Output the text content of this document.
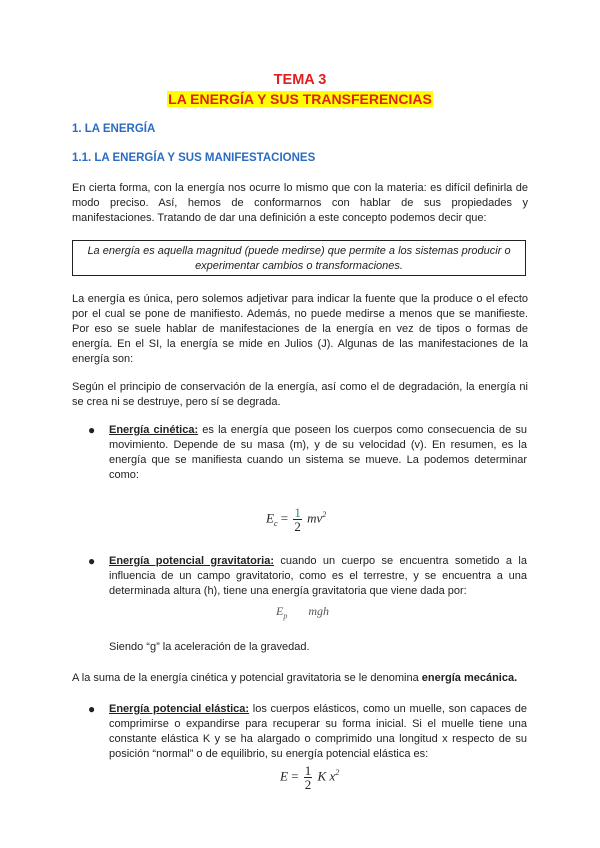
TEMA 3
LA ENERGÍA Y SUS TRANSFERENCIAS
1. LA ENERGÍA
1.1. LA ENERGÍA Y SUS MANIFESTACIONES
En cierta forma, con la energía nos ocurre lo mismo que con la materia: es difícil definirla de modo preciso. Así, hemos de conformarnos con hablar de sus propiedades y manifestaciones. Tratando de dar una definición a este concepto podemos decir que:
La energía es aquella magnitud (puede medirse) que permite a los sistemas producir o experimentar cambios o transformaciones.
La energía es única, pero solemos adjetivar para indicar la fuente que la produce o el efecto por el cual se pone de manifiesto. Además, no puede medirse a menos que se manifieste. Por eso se suele hablar de manifestaciones de la energía en vez de tipos o formas de energía. En el SI, la energía se mide en Julios (J). Algunas de las manifestaciones de la energía son:
Según el principio de conservación de la energía, así como el de degradación, la energía ni se crea ni se destruye, pero sí se degrada.
● Energía cinética: es la energía que poseen los cuerpos como consecuencia de su movimiento. Depende de su masa (m), y de su velocidad (v). En resumen, es la energía que se manifiesta cuando un sistema se mueve. La podemos determinar como:
$E_c = \frac{1}{2} mv^2$
● Energía potencial gravitatoria: cuando un cuerpo se encuentra sometido a la influencia de un campo gravitatorio, como es el terrestre, y se encuentra a una determinada altura (h), tiene una energía gravitatoria que viene dada por:
$E_p$ mgh
Siendo “g” la aceleración de la gravedad.
A la suma de la energía cinética y potencial gravitatoria se le denomina energía mecánica.
● Energía potencial elástica: los cuerpos elásticos, como un muelle, son capaces de comprimirse o expandirse para recuperar su forma inicial. Si el muelle tiene una constante elástica K y se ha alargado o comprimido una longitud x respecto de su posición “normal” o de equilibrio, su energía potencial elástica es:
$E = \frac{1}{2}$ K $x^2$
